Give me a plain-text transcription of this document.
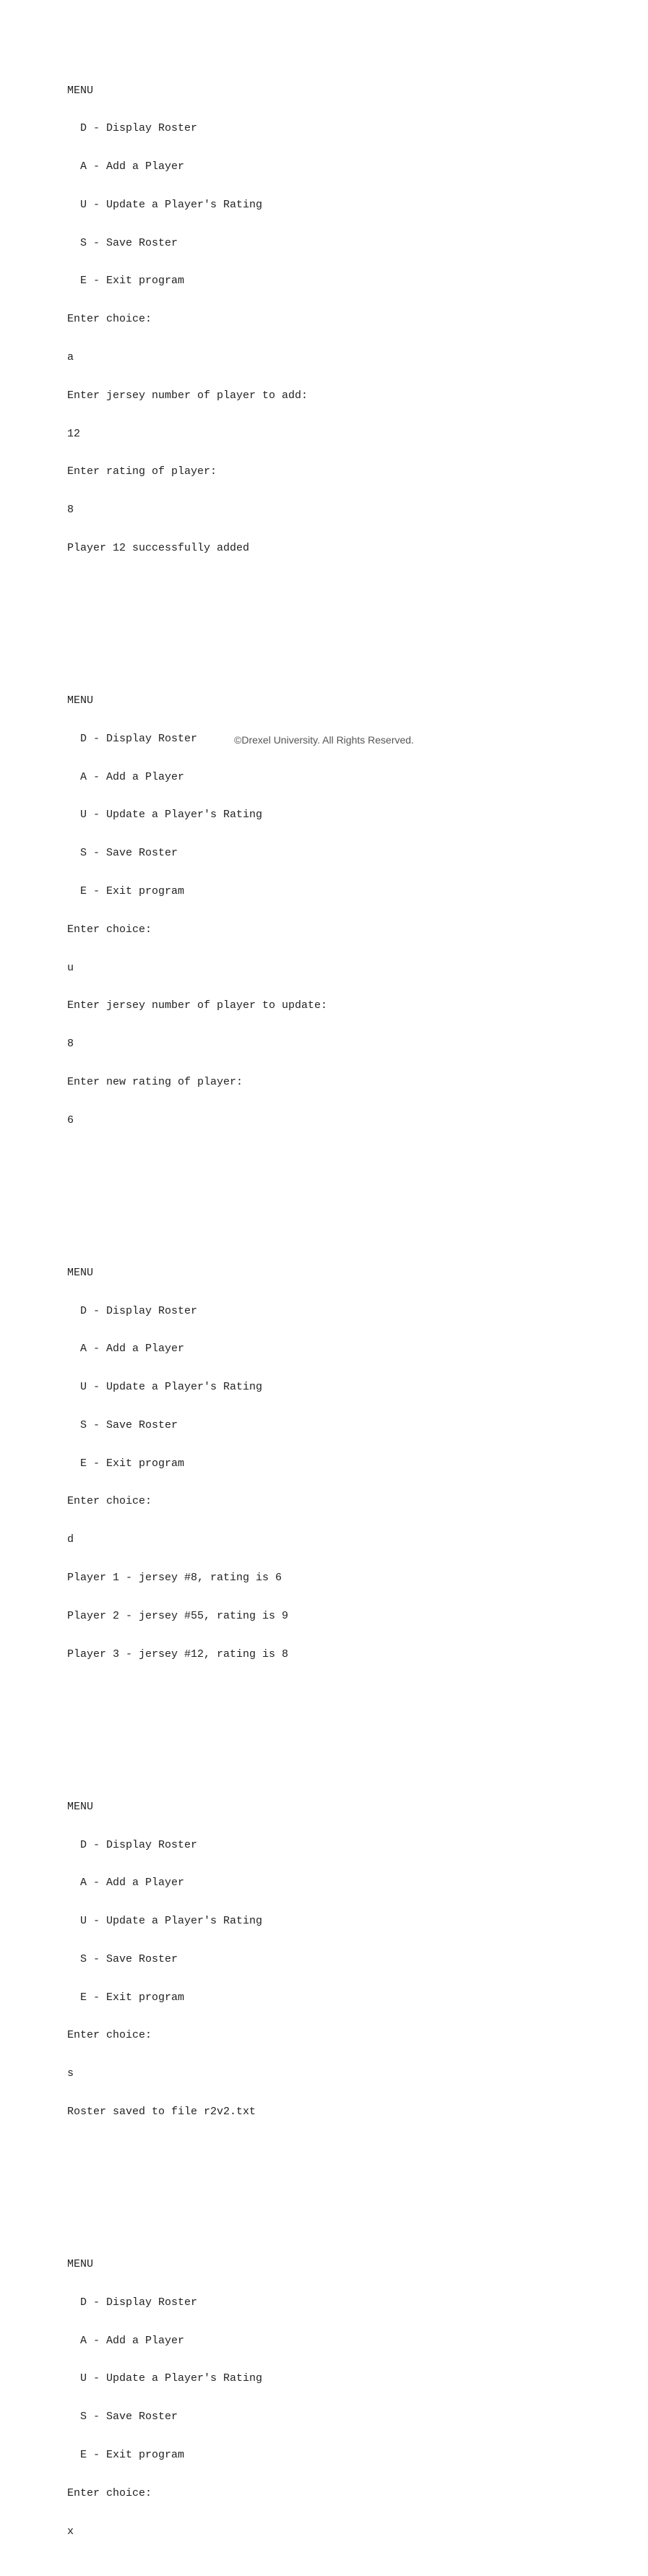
MENU

D - Display Roster

A - Add a Player

U - Update a Player's Rating

S - Save Roster

E - Exit program

Enter choice:

a

Enter jersey number of player to add:

12

Enter rating of player:

8

Player 12 successfully added

MENU

D - Display Roster

A - Add a Player

U - Update a Player's Rating

S - Save Roster

E - Exit program

Enter choice:

u

Enter jersey number of player to update:

8

Enter new rating of player:

6

MENU

D - Display Roster

A - Add a Player

U - Update a Player's Rating

S - Save Roster

E - Exit program

Enter choice:

d

Player 1 - jersey #8, rating is 6

Player 2 - jersey #55, rating is 9

Player 3 - jersey #12, rating is 8

MENU

D - Display Roster

A - Add a Player

U - Update a Player's Rating

S - Save Roster

E - Exit program

Enter choice:

s

Roster saved to file r2v2.txt

MENU

D - Display Roster

A - Add a Player

U - Update a Player's Rating

S - Save Roster

E - Exit program

Enter choice:

x

©Drexel University. All Rights Reserved.
